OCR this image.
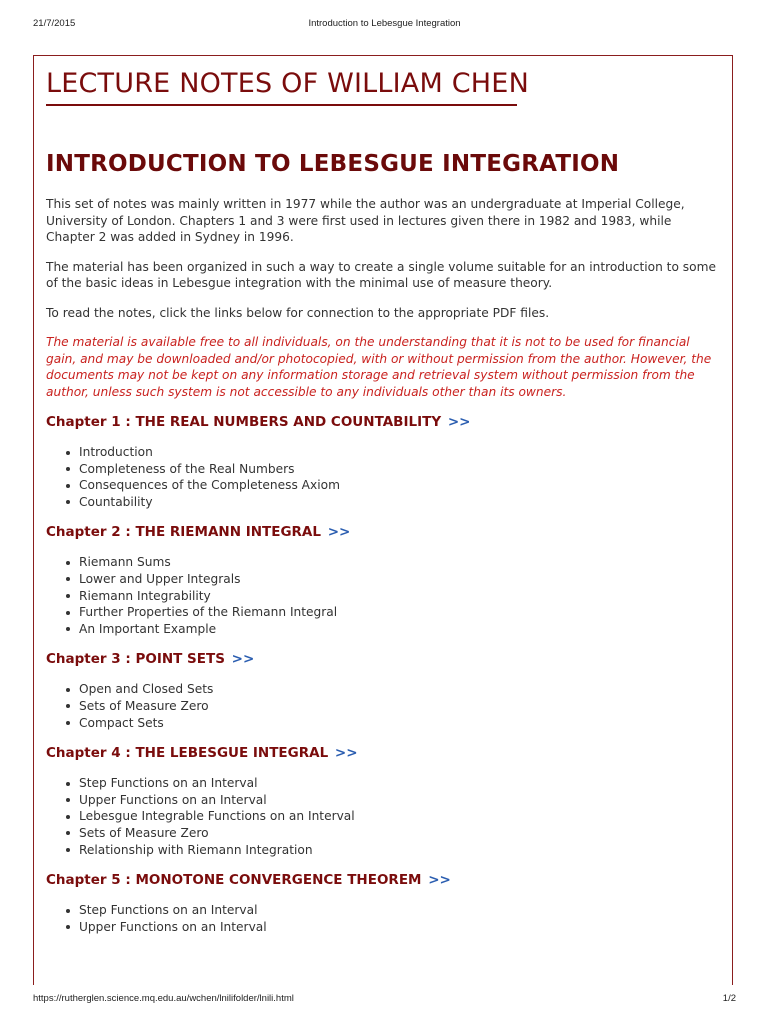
21/7/2015	Introduction to Lebesgue Integration
LECTURE NOTES OF WILLIAM CHEN
INTRODUCTION TO LEBESGUE INTEGRATION

This set of notes was mainly written in 1977 while the author was an undergraduate at Imperial College, University of London. Chapters 1 and 3 were first used in lectures given there in 1982 and 1983, while Chapter 2 was added in Sydney in 1996.

The material has been organized in such a way to create a single volume suitable for an introduction to some of the basic ideas in Lebesgue integration with the minimal use of measure theory.

To read the notes, click the links below for connection to the appropriate PDF files.

The material is available free to all individuals, on the understanding that it is not to be used for financial gain, and may be downloaded and/or photocopied, with or without permission from the author. However, the documents may not be kept on any information storage and retrieval system without permission from the author, unless such system is not accessible to any individuals other than its owners.

Chapter 1 : THE REAL NUMBERS AND COUNTABILITY >>
Introduction
Completeness of the Real Numbers
Consequences of the Completeness Axiom
Countability
Chapter 2 : THE RIEMANN INTEGRAL >>
Riemann Sums
Lower and Upper Integrals
Riemann Integrability
Further Properties of the Riemann Integral
An Important Example
Chapter 3 : POINT SETS >>
Open and Closed Sets
Sets of Measure Zero
Compact Sets
Chapter 4 : THE LEBESGUE INTEGRAL >>
Step Functions on an Interval
Upper Functions on an Interval
Lebesgue Integrable Functions on an Interval
Sets of Measure Zero
Relationship with Riemann Integration
Chapter 5 : MONOTONE CONVERGENCE THEOREM >>
Step Functions on an Interval
Upper Functions on an Interval
https://rutherglen.science.mq.edu.au/wchen/lnilifolder/lnili.html	1/2
